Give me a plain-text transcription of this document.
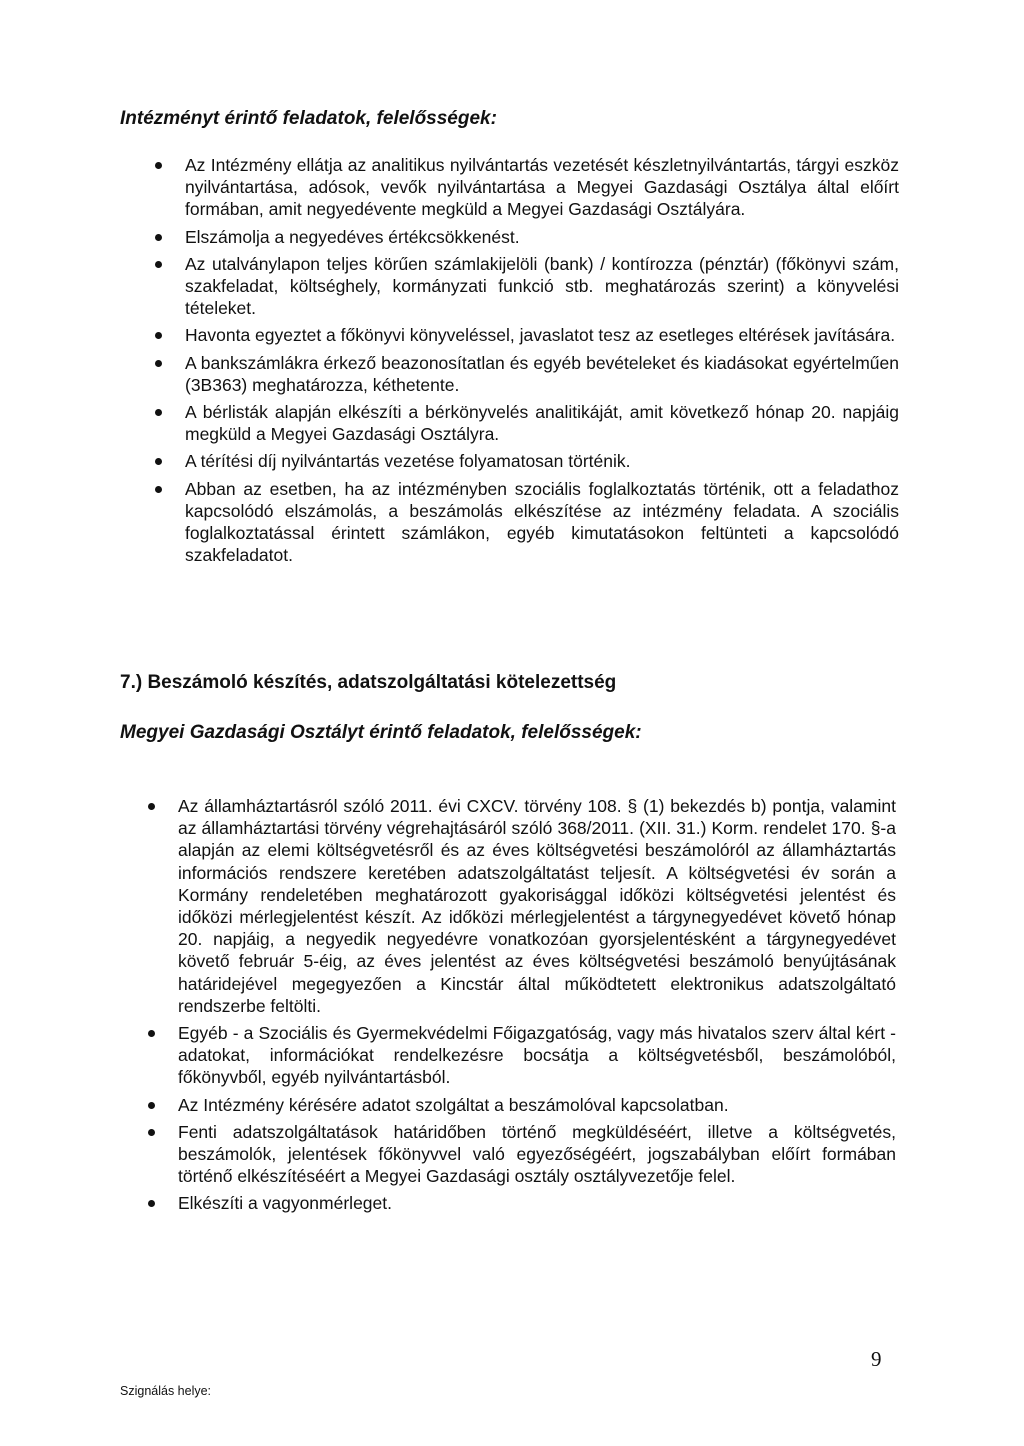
Intézményt érintő feladatok, felelősségek:
Az Intézmény ellátja az analitikus nyilvántartás vezetését készletnyilvántartás, tárgyi eszköz nyilvántartása, adósok, vevők nyilvántartása a Megyei Gazdasági Osztálya által előírt formában, amit negyedévente megküld a Megyei Gazdasági Osztályára.
Elszámolja a negyedéves értékcsökkenést.
Az utalványlapon teljes körűen számlakijelöli (bank) / kontírozza (pénztár) (főkönyvi szám, szakfeladat, költséghely, kormányzati funkció stb. meghatározás szerint) a könyvelési tételeket.
Havonta egyeztet a főkönyvi könyveléssel, javaslatot tesz az esetleges eltérések javítására.
A bankszámlákra érkező beazonosítatlan és egyéb bevételeket és kiadásokat egyértelműen (3B363) meghatározza, kéthetente.
A bérlisták alapján elkészíti a bérkönyvelés analitikáját, amit következő hónap 20. napjáig megküld a Megyei Gazdasági Osztályra.
A térítési díj nyilvántartás vezetése folyamatosan történik.
Abban az esetben, ha az intézményben szociális foglalkoztatás történik, ott a feladathoz kapcsolódó elszámolás, a beszámolás elkészítése az intézmény feladata. A szociális foglalkoztatással érintett számlákon, egyéb kimutatásokon feltünteti a kapcsolódó szakfeladatot.
7.) Beszámoló készítés, adatszolgáltatási kötelezettség
Megyei Gazdasági Osztályt érintő feladatok, felelősségek:
Az államháztartásról szóló 2011. évi CXCV. törvény 108. § (1) bekezdés b) pontja, valamint az államháztartási törvény végrehajtásáról szóló 368/2011. (XII. 31.) Korm. rendelet 170. §-a alapján az elemi költségvetésről és az éves költségvetési beszámolóról az államháztartás információs rendszere keretében adatszolgáltatást teljesít. A költségvetési év során a Kormány rendeletében meghatározott gyakorisággal időközi költségvetési jelentést és időközi mérlegjelentést készít. Az időközi mérlegjelentést a tárgynegyedévet követő hónap 20. napjáig, a negyedik negyedévre vonatkozóan gyorsjelentésként a tárgynegyedévet követő február 5-éig, az éves jelentést az éves költségvetési beszámoló benyújtásának határidejével megegyezően a Kincstár által működtetett elektronikus adatszolgáltató rendszerbe feltölti.
Egyéb - a Szociális és Gyermekvédelmi Főigazgatóság, vagy más hivatalos szerv által kért - adatokat, információkat rendelkezésre bocsátja a költségvetésből, beszámolóból, főkönyvből, egyéb nyilvántartásból.
Az Intézmény kérésére adatot szolgáltat a beszámolóval kapcsolatban.
Fenti adatszolgáltatások határidőben történő megküldéséért, illetve a költségvetés, beszámolók, jelentések főkönyvvel való egyezőségéért, jogszabályban előírt formában történő elkészítéséért a Megyei Gazdasági osztály osztályvezetője felel.
Elkészíti a vagyonmérleget.
9
Szignálás helye:
